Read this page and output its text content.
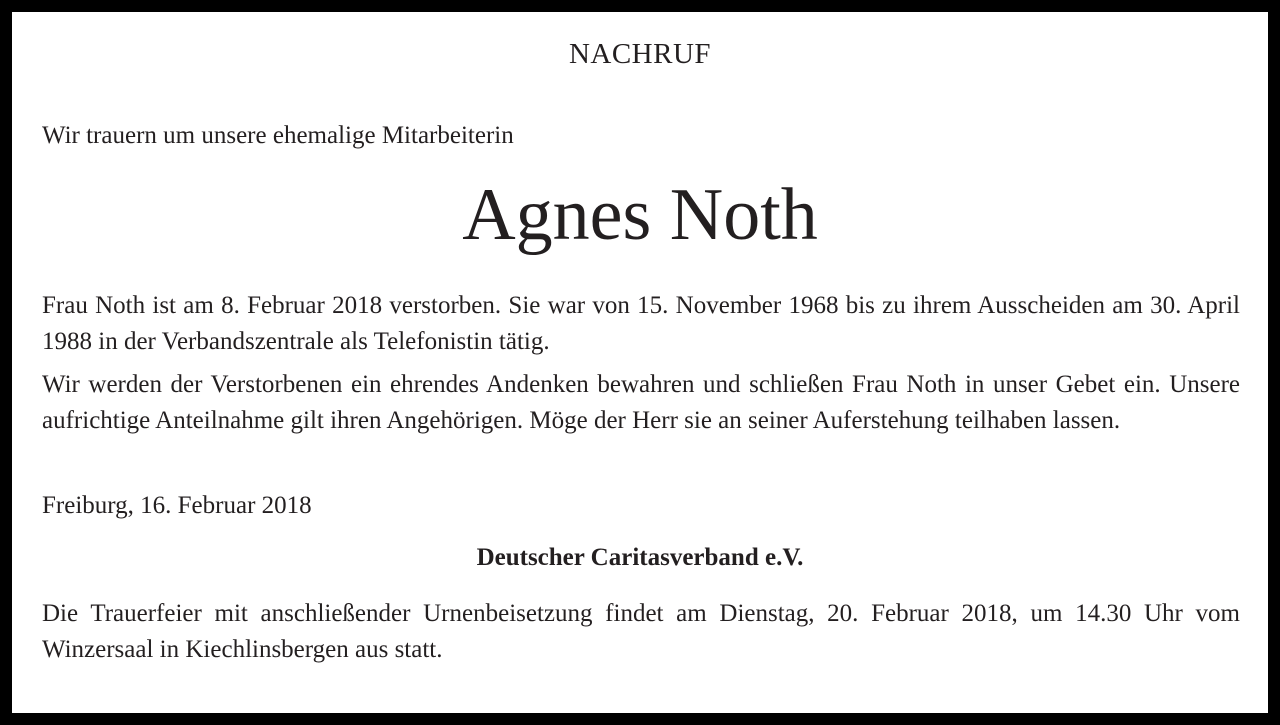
NACHRUF
Wir trauern um unsere ehemalige Mitarbeiterin
Agnes Noth

Frau Noth ist am 8. Februar 2018 verstorben. Sie war von 15. November 1968 bis zu ihrem Ausscheiden am 30. April 1988 in der Verbandszentrale als Telefonistin tätig.

Wir werden der Verstorbenen ein ehrendes Andenken bewahren und schließen Frau Noth in unser Gebet ein. Unsere aufrichtige Anteilnahme gilt ihren Angehörigen. Möge der Herr sie an seiner Auferstehung teilhaben lassen.

Freiburg, 16. Februar 2018
Deutscher Caritasverband e.V.

Die Trauerfeier mit anschließender Urnenbeisetzung findet am Dienstag, 20. Februar 2018, um 14.30 Uhr vom Winzersaal in Kiechlinsbergen aus statt.
